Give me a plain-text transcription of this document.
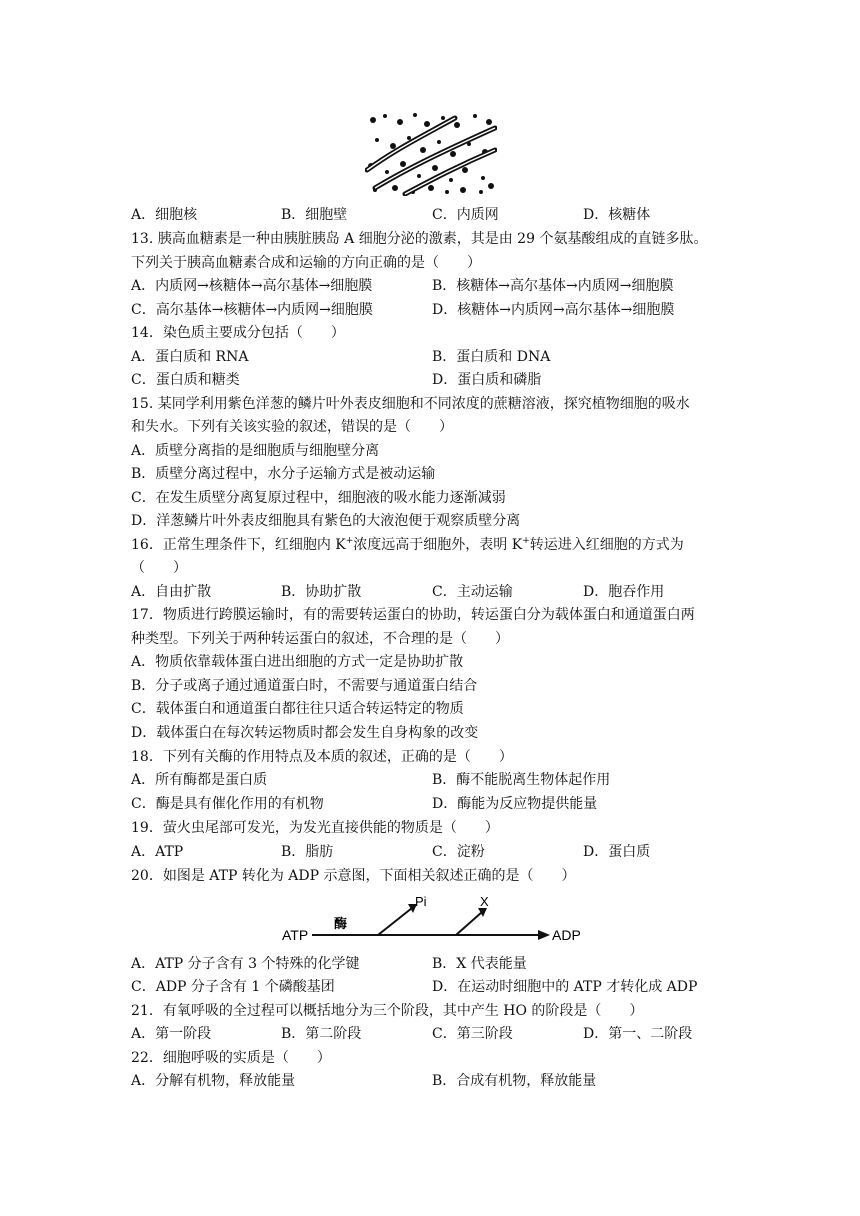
A．细胞核	B．细胞壁	C．内质网	D．核糖体
13. 胰高血糖素是一种由胰脏胰岛 A 细胞分泌的激素，其是由 29 个氨基酸组成的直链多肽。
下列关于胰高血糖素合成和运输的方向正确的是（　　）
A．内质网→核糖体→高尔基体→细胞膜	B．核糖体→高尔基体→内质网→细胞膜
C．高尔基体→核糖体→内质网→细胞膜	D．核糖体→内质网→高尔基体→细胞膜
14．染色质主要成分包括（　　）
A．蛋白质和 RNA	B．蛋白质和 DNA
C．蛋白质和糖类	D．蛋白质和磷脂
15. 某同学利用紫色洋葱的鳞片叶外表皮细胞和不同浓度的蔗糖溶液，探究植物细胞的吸水
和失水。下列有关该实验的叙述，错误的是（　　）
A．质壁分离指的是细胞质与细胞壁分离
B．质壁分离过程中，水分子运输方式是被动运输
C．在发生质壁分离复原过程中，细胞液的吸水能力逐渐减弱
D．洋葱鳞片叶外表皮细胞具有紫色的大液泡便于观察质壁分离
16．正常生理条件下，红细胞内 K+浓度远高于细胞外，表明 K+转运进入红细胞的方式为
（　　）
A．自由扩散	B．协助扩散	C．主动运输	D．胞吞作用
17．物质进行跨膜运输时，有的需要转运蛋白的协助，转运蛋白分为载体蛋白和通道蛋白两
种类型。下列关于两种转运蛋白的叙述，不合理的是（　　）
A．物质依靠载体蛋白进出细胞的方式一定是协助扩散
B．分子或离子通过通道蛋白时，不需要与通道蛋白结合
C．载体蛋白和通道蛋白都往往只适合转运特定的物质
D．载体蛋白在每次转运物质时都会发生自身构象的改变
18．下列有关酶的作用特点及本质的叙述，正确的是（　　）
A．所有酶都是蛋白质	B．酶不能脱离生物体起作用
C．酶是具有催化作用的有机物	D．酶能为反应物提供能量
19．萤火虫尾部可发光，为发光直接供能的物质是（　　）
A．ATP	B．脂肪	C．淀粉	D．蛋白质
20．如图是 ATP 转化为 ADP 示意图，下面相关叙述正确的是（　　）
ATP
酶
Pi	X
ADP
A．ATP 分子含有 3 个特殊的化学键	B．X 代表能量
C．ADP 分子含有 1 个磷酸基团	D．在运动时细胞中的 ATP 才转化成 ADP
21．有氧呼吸的全过程可以概括地分为三个阶段，其中产生 HO 的阶段是（　　）
A．第一阶段	B．第二阶段	C．第三阶段	D．第一、二阶段
22．细胞呼吸的实质是（　　）
A．分解有机物，释放能量	B．合成有机物，释放能量
